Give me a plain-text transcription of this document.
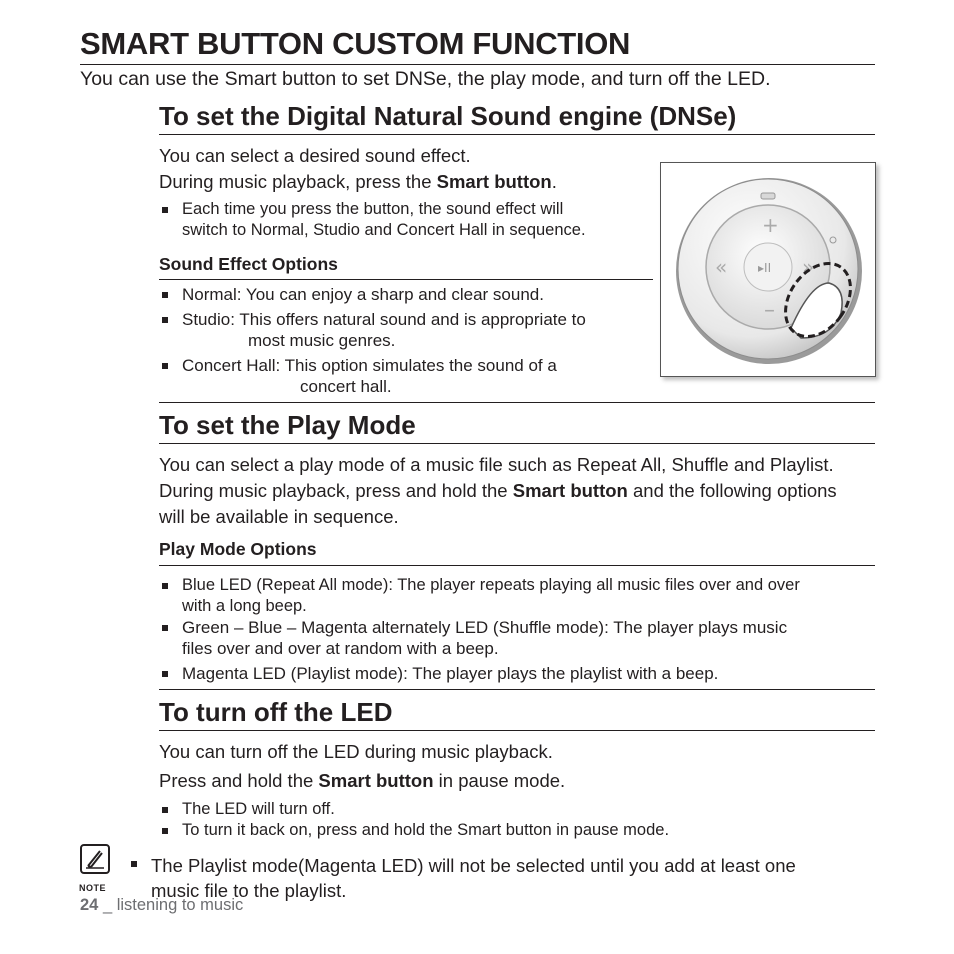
SMART BUTTON CUSTOM FUNCTION
You can use the Smart button to set DNSe, the play mode, and turn off the LED.
To set the Digital Natural Sound engine (DNSe)
You can select a desired sound effect.
During music playback, press the Smart button.
Each time you press the button, the sound effect will
switch to Normal, Studio and Concert Hall in sequence.
Sound Effect Options
Normal: You can enjoy a sharp and clear sound.
Studio: This offers natural sound and is appropriate to
most music genres.
Concert Hall: This option simulates the sound of a
concert hall.
+
–
«	»
▸II
To set the Play Mode
You can select a play mode of a music file such as Repeat All, Shuffle and Playlist.
During music playback, press and hold the Smart button and the following options
will be available in sequence.
Play Mode Options
Blue LED (Repeat All mode): The player repeats playing all music files over and over
with a long beep.
Green – Blue – Magenta alternately LED (Shuffle mode): The player plays music
files over and over at random with a beep.
Magenta LED (Playlist mode): The player plays the playlist with a beep.
To turn off the LED
You can turn off the LED during music playback.
Press and hold the Smart button in pause mode.
The LED will turn off.
To turn it back on, press and hold the Smart button in pause mode.
NOTE
The Playlist mode(Magenta LED) will not be selected until you add at least one
music file to the playlist.
24 _ listening to music
